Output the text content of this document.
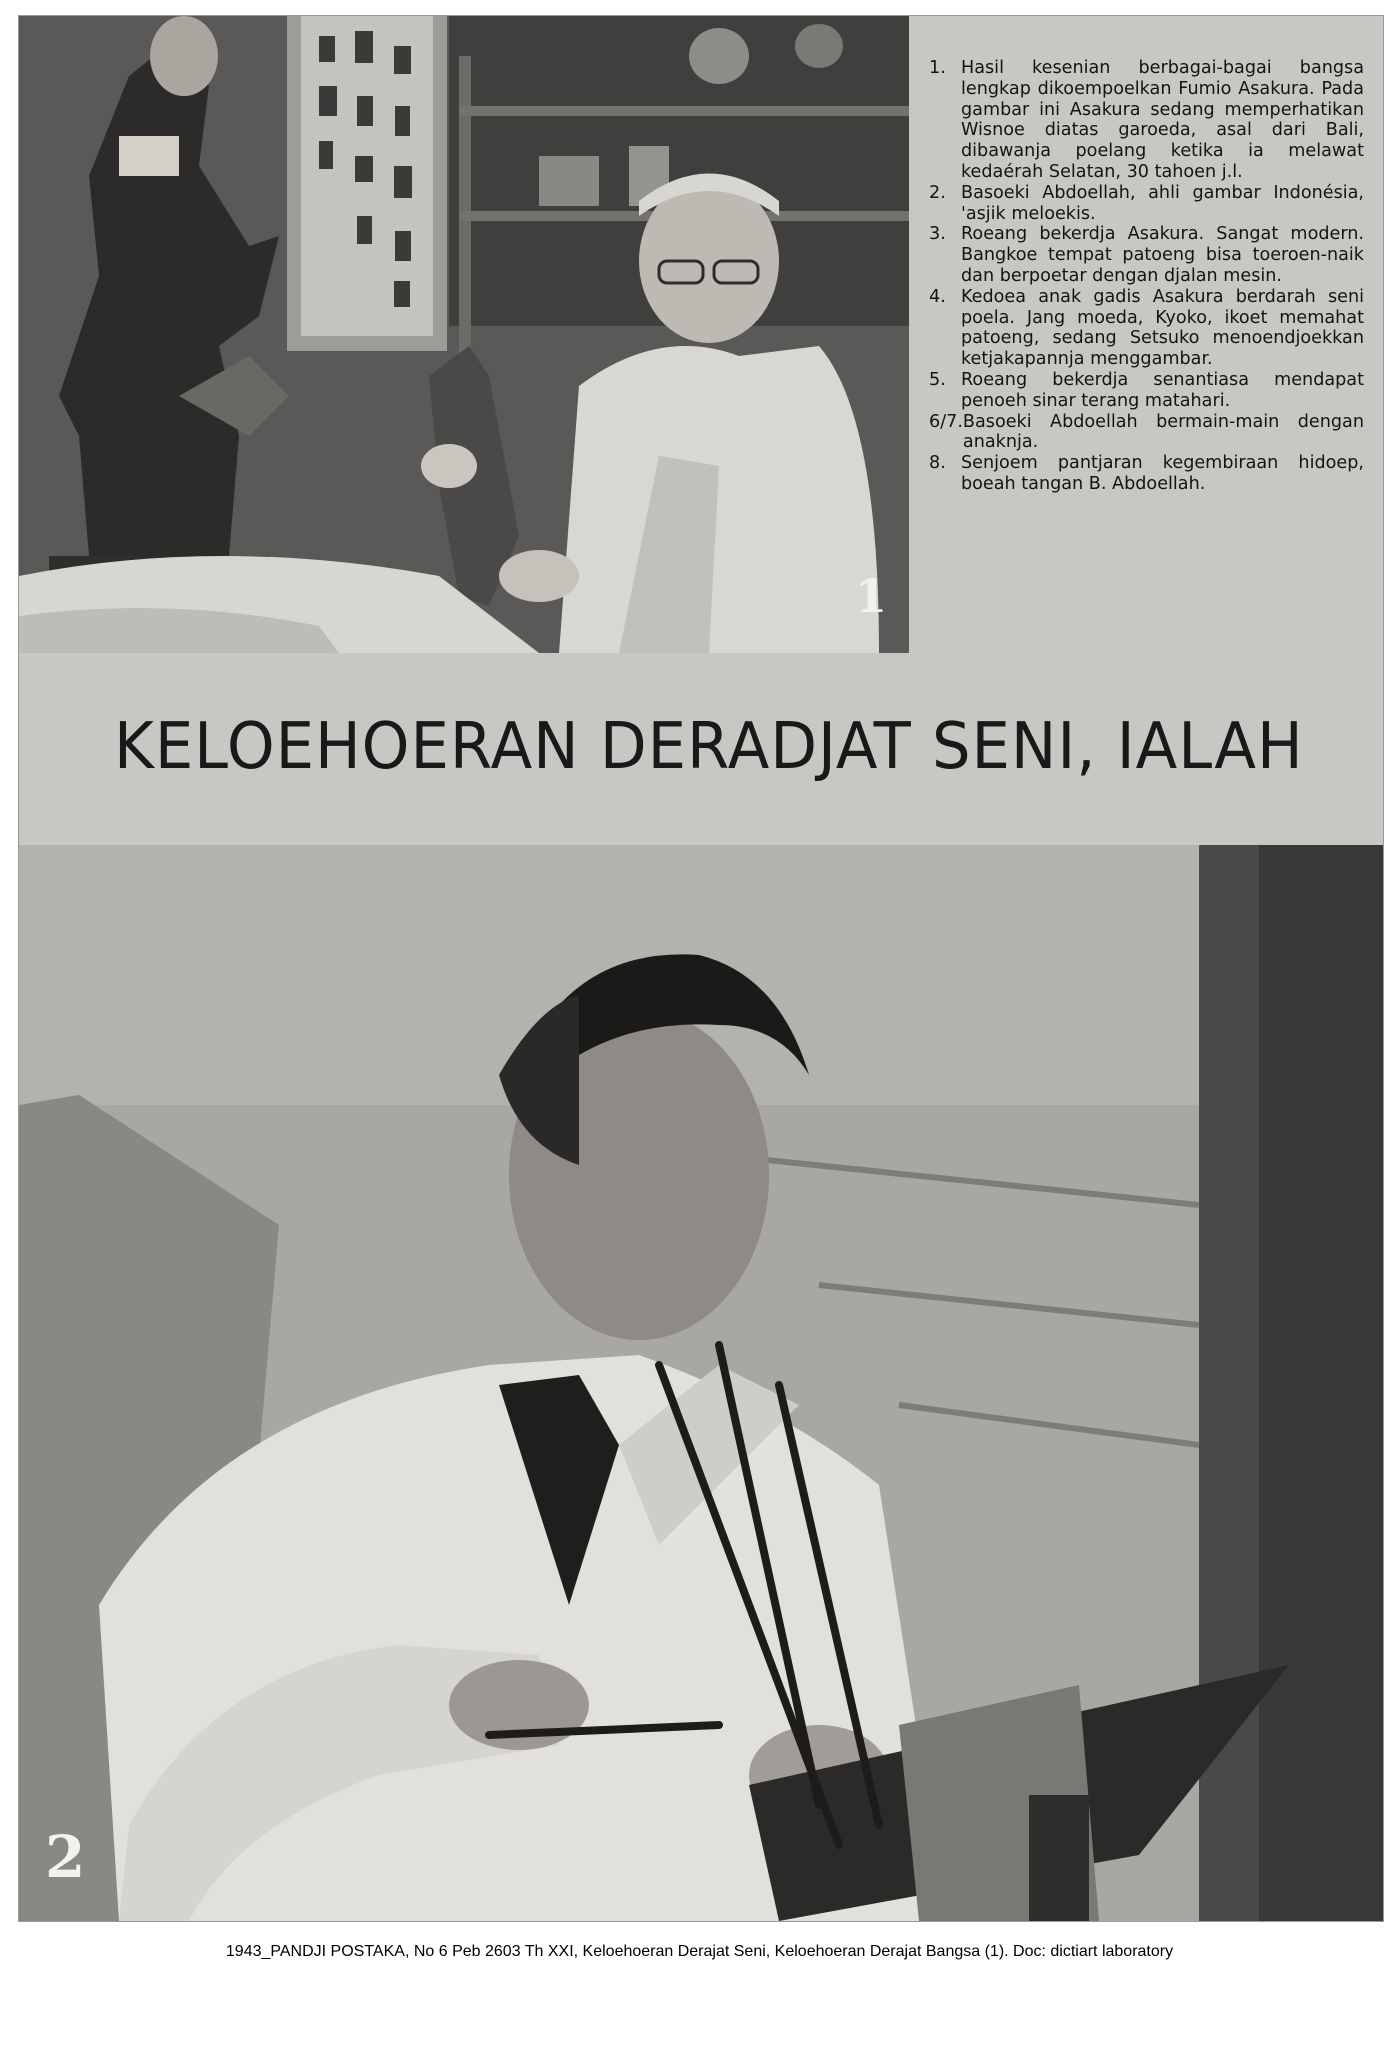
1
1. Hasil kesenian berbagai-bagai bangsa lengkap dikoempoelkan Fumio Asakura. Pada gambar ini Asakura sedang memperhatikan Wisnoe diatas garoeda, asal dari Bali, dibawanja poelang ketika ia melawat kedaérah Selatan, 30 tahoen j.l.
2. Basoeki Abdoellah, ahli gambar Indonésia, 'asjik meloekis.
3. Roeang bekerdja Asakura. Sangat modern. Bangkoe tempat patoeng bisa toeroen-naik dan berpoetar dengan djalan mesin.
4. Kedoea anak gadis Asakura berdarah seni poela. Jang moeda, Kyoko, ikoet memahat patoeng, sedang Setsuko menoendjoekkan ketjakapannja menggambar.
5. Roeang bekerdja senantiasa mendapat penoeh sinar terang matahari.
6/7. Basoeki Abdoellah bermain-main dengan anaknja.
8. Senjoem pantjaran kegembiraan hidoep, boeah tangan B. Abdoellah.
KELOEHOERAN DERADJAT SENI, IALAH
2
1943_PANDJI POSTAKA, No 6 Peb 2603 Th XXI, Keloehoeran Derajat Seni, Keloehoeran Derajat Bangsa (1). Doc: dictiart laboratory
